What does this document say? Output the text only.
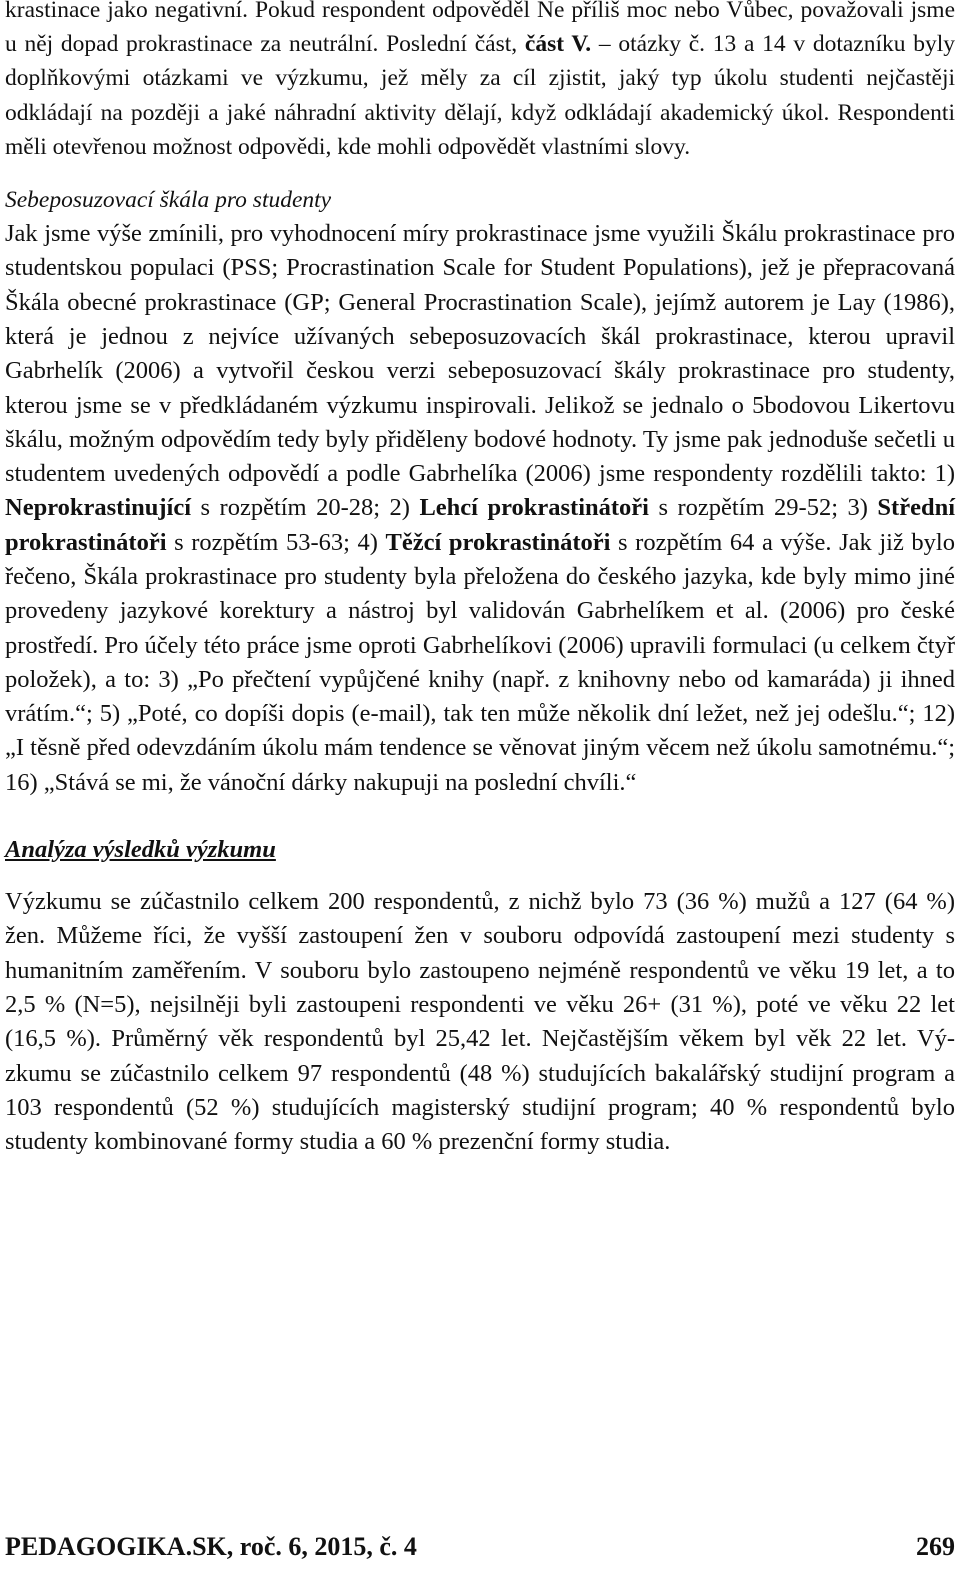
krastinace jako negativní. Pokud respondent odpověděl Ne příliš moc nebo Vůbec, považovali jsme u něj dopad prokrastinace za neutrální. Poslední část, část V. – otázky č. 13 a 14 v dotazníku byly doplňkovými otázkami ve výzkumu, jež měly za cíl zjistit, jaký typ úkolu studenti nejčastěji odkládají na později a jaké náhradní aktivity dělají, když odkládají akademický úkol. Respondenti měli otevřenou možnost odpovědi, kde mohli odpovědět vlastními slovy.

Sebeposuzovací škála pro studenty

Jak jsme výše zmínili, pro vyhodnocení míry prokrastinace jsme využili Škálu prokrastinace pro studentskou populaci (PSS; Procrastination Scale for Student Populations), jež je přepracovaná Škála obecné prokrastinace (GP; General Procrastination Scale), jejímž autorem je Lay (1986), která je jednou z nejvíce užívaných sebeposuzovacích škál prokrastinace, kterou upravil Gabrhelík (2006) a vytvořil českou verzi sebeposuzovací škály prokrastinace pro studenty, kterou jsme se v předkládaném výzkumu inspirovali. Jelikož se jednalo o 5bodovou Likertovu škálu, možným odpovědím tedy byly přiděleny bodové hodnoty. Ty jsme pak jednoduše sečetli u studentem uvedených odpovědí a podle Gabrhelíka (2006) jsme respondenty rozdělili takto: 1) Neprokrastinující s rozpětím 20-28; 2) Lehcí prokrastinátoři s rozpětím 29-52; 3) Střední prokrastinátoři s rozpětím 53-63; 4) Těžcí prokrastinátoři s rozpětím 64 a výše. Jak již bylo řečeno, Škála prokrastinace pro studenty byla přeložena do českého jazyka, kde byly mimo jiné provedeny jazykové korektury a nástroj byl validován Gabrhelíkem et al. (2006) pro české prostředí. Pro účely této práce jsme oproti Gabrhelíkovi (2006) upravili formulaci (u celkem čtyř položek), a to: 3) „Po přečtení vypůjčené knihy (např. z knihovny nebo od kamaráda) ji ihned vrátím.“; 5) „Poté, co dopíši dopis (e-mail), tak ten může několik dní ležet, než jej odešlu.“; 12) „I těsně před odevzdáním úkolu mám tendence se věnovat jiným věcem než úkolu samotnému.“; 16) „Stává se mi, že vánoční dárky nakupuji na poslední chvíli.“

Analýza výsledků výzkumu

Výzkumu se zúčastnilo celkem 200 respondentů, z nichž bylo 73 (36 %) mužů a 127 (64 %) žen. Můžeme říci, že vyšší zastoupení žen v souboru odpovídá zastoupení mezi studenty s humanitním zaměřením. V souboru bylo zastoupeno nejméně respondentů ve věku 19 let, a to 2,5 % (N=5), nejsilněji byli zastoupeni respondenti ve věku 26+ (31 %), poté ve věku 22 let (16,5 %). Průměrný věk respondentů byl 25,42 let. Nejčastějším věkem byl věk 22 let. Výzkumu se zúčastnilo celkem 97 respondentů (48 %) studujících bakalářský studijní program a 103 respondentů (52 %) studujících magisterský studijní program; 40 % respondentů bylo studenty kombinované formy studia a 60 % prezenční formy studia.

PEDAGOGIKA.SK, roč. 6, 2015, č. 4	269
